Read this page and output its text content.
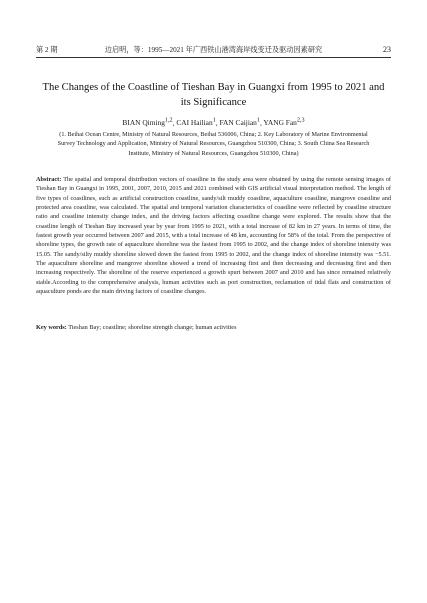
第 2 期	边启明，等：1995—2021 年广西铁山港湾海岸线变迁及驱动因素研究	23
The Changes of the Coastline of Tieshan Bay in Guangxi from 1995 to 2021 and its Significance
BIAN Qiming$^{1,2}$, CAI Hailian$^1$, FAN Caijian$^1$, YANG Fan$^{2,3}$
(1. Beihai Ocean Centre, Ministry of Natural Resources, Beihai 536006, China; 2. Key Laboratory of Marine Environmental Survey Technology and Application, Ministry of Natural Resources, Guangzhou 510300, China; 3. South China Sea Research Institute, Ministry of Natural Resources, Guangzhou 510300, China)
Abstract: The spatial and temporal distribution vectors of coastline in the study area were obtained by using the remote sensing images of Tieshan Bay in Guangxi in 1995, 2001, 2007, 2010, 2015 and 2021 combined with GIS artificial visual interpretation method. The length of five types of coastlines, such as artificial construction coastline, sandy/silt muddy coastline, aquaculture coastline, mangrove coastline and protected area coastline, was calculated. The spatial and temporal variation characteristics of coastline were reflected by coastline structure ratio and coastline intensity change index, and the driving factors affecting coastline change were explored. The results show that the coastline length of Tieshan Bay increased year by year from 1995 to 2021, with a total increase of 82 km in 27 years. In terms of time, the fastest growth year occurred between 2007 and 2015, with a total increase of 48 km, accounting for 58% of the total. From the perspective of shoreline types, the growth rate of aquaculture shoreline was the fastest from 1995 to 2002, and the change index of shoreline intensity was 15.05. The sandy/silty muddy shoreline slowed down the fastest from 1995 to 2002, and the change index of shoreline intensity was −5.51. The aquaculture shoreline and mangrove shoreline showed a trend of increasing first and then decreasing and decreasing first and then increasing respectively. The shoreline of the reserve experienced a growth spurt between 2007 and 2010 and has since remained relatively stable.According to the comprehensive analysis, human activities such as port construction, reclamation of tidal flats and construction of aquaculture ponds are the main driving factors of coastline changes.
Key words: Tieshan Bay; coastline; shoreline strength change; human activities
